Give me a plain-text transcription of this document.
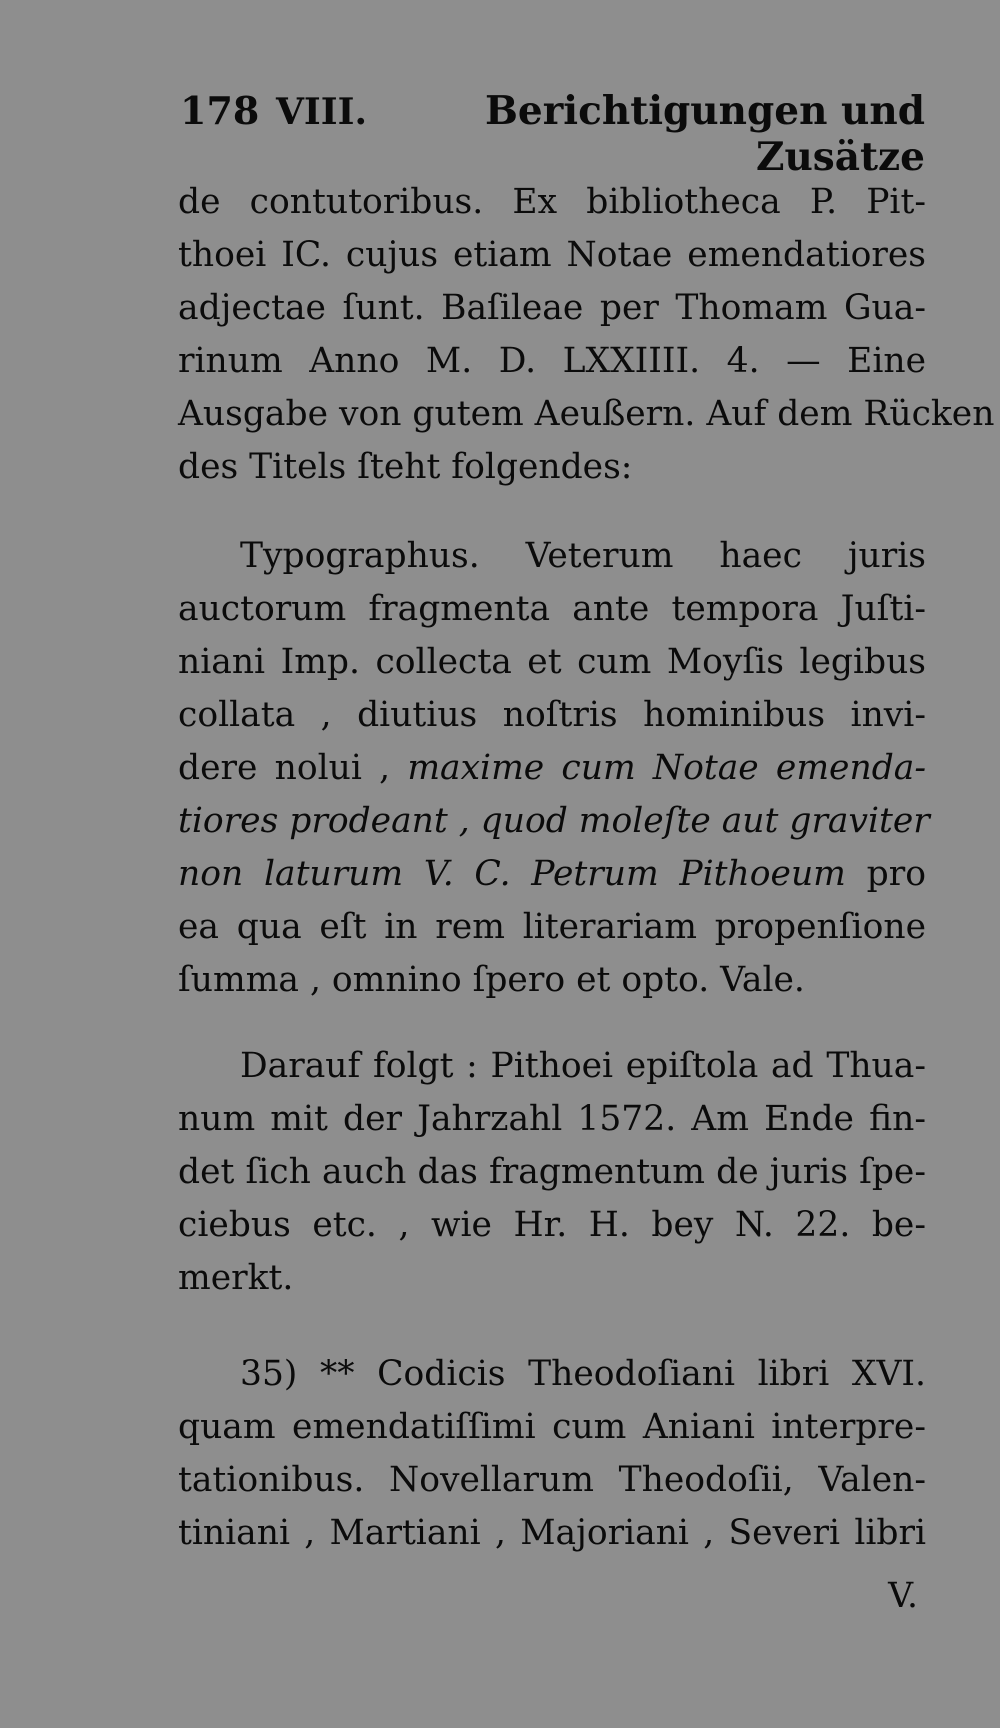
178 VIII.	Berichtigungen und Zusätze
de contutoribus. Ex bibliotheca P. Pit-
thoei IC. cujus etiam Notae emendatiores
adjectae ſunt. Baſileae per Thomam Gua-
rinum Anno M. D. LXXIIII. 4. — Eine
Ausgabe von gutem Aeußern. Auf dem Rücken
des Titels ſteht folgendes:
Typographus. Veterum haec juris
auctorum fragmenta ante tempora Juſti-
niani Imp. collecta et cum Moyſis legibus
collata , diutius noſtris hominibus invi-
dere nolui , maxime cum Notae emenda-
tiores prodeant , quod moleſte aut graviter
non laturum V. C. Petrum Pithoeum pro
ea qua eſt in rem literariam propenſione
ſumma , omnino ſpero et opto. Vale.
Darauf folgt : Pithoei epiſtola ad Thua-
num mit der Jahrzahl 1572. Am Ende fin-
det ſich auch das fragmentum de juris ſpe-
ciebus etc. , wie Hr. H. bey N. 22. be-
merkt.
35) ** Codicis Theodoſiani libri XVI.
quam emendatiſſimi cum Aniani interpre-
tationibus. Novellarum Theodoſii, Valen-
tiniani , Martiani , Majoriani , Severi libri
V.
